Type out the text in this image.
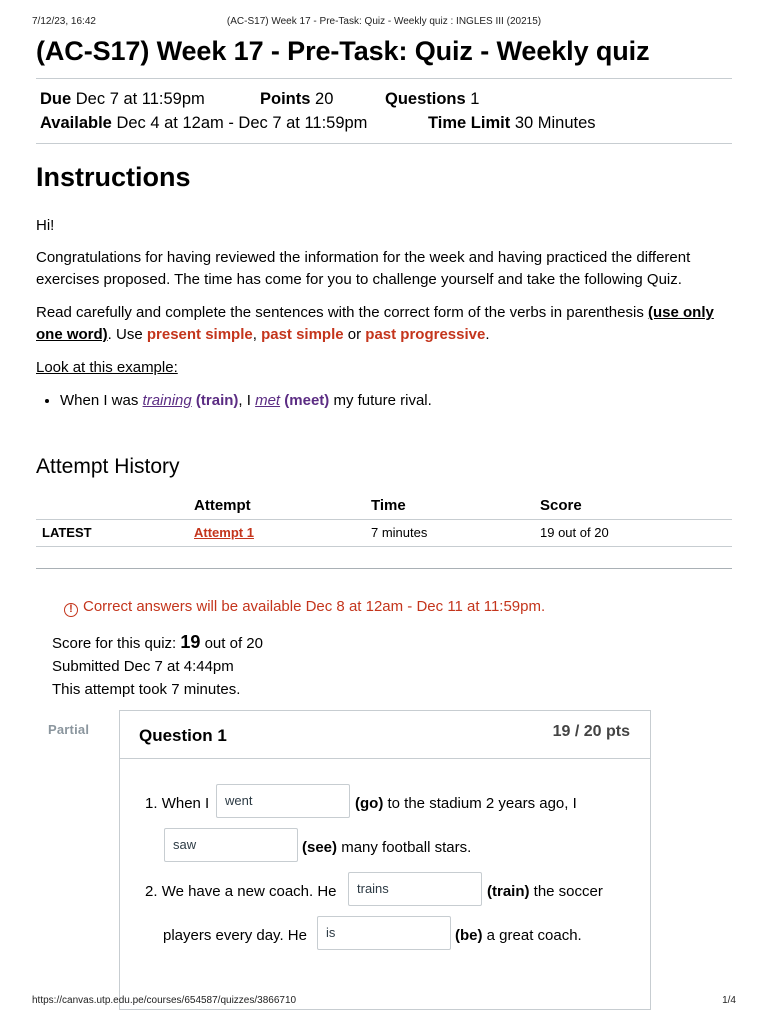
7/12/23, 16:42	(AC-S17) Week 17 - Pre-Task: Quiz - Weekly quiz : INGLES III (20215)
(AC-S17) Week 17 - Pre-Task: Quiz - Weekly quiz
Due Dec 7 at 11:59pm	Points 20	Questions 1
Available Dec 4 at 12am - Dec 7 at 11:59pm	Time Limit 30 Minutes
Instructions

Hi!

Congratulations for having reviewed the information for the week and having practiced the different exercises proposed. The time has come for you to challenge yourself and take the following Quiz.

Read carefully and complete the sentences with the correct form of the verbs in parenthesis (use only one word). Use present simple, past simple or past progressive.

Look at this example:

• When I was training (train), I met (meet) my future rival.
Attempt History
	Attempt	Time	Score
LATEST	Attempt 1	7 minutes	19 out of 20
! Correct answers will be available Dec 8 at 12am - Dec 11 at 11:59pm.
Score for this quiz: 19 out of 20
Submitted Dec 7 at 4:44pm
This attempt took 7 minutes.
Partial	Question 1	19 / 20 pts
1. When I	went	(go) to the stadium 2 years ago, I
saw	(see) many football stars.
2. We have a new coach. He	trains	(train) the soccer
players every day. He	is	(be) a great coach.
https://canvas.utp.edu.pe/courses/654587/quizzes/3866710	1/4
